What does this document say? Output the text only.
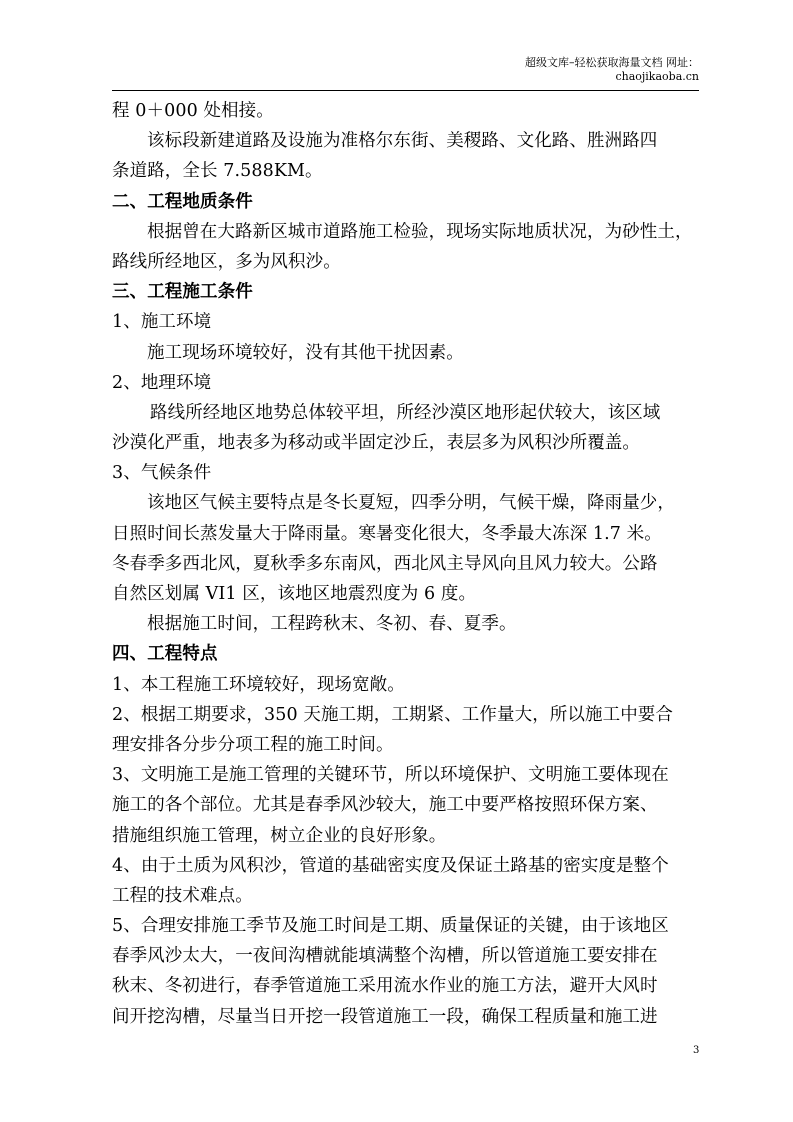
超级文库–轻松获取海量文档 网址：
chaojikaoba.cn
程 0＋000 处相接。
该标段新建道路及设施为准格尔东街、美稷路、文化路、胜洲路四
条道路，全长 7.588KM。
二、工程地质条件
根据曾在大路新区城市道路施工检验，现场实际地质状况，为砂性土，
路线所经地区，多为风积沙。
三、工程施工条件
1、施工环境
施工现场环境较好，没有其他干扰因素。
2、地理环境
路线所经地区地势总体较平坦，所经沙漠区地形起伏较大，该区域
沙漠化严重，地表多为移动或半固定沙丘，表层多为风积沙所覆盖。
3、气候条件
该地区气候主要特点是冬长夏短，四季分明，气候干燥，降雨量少，
日照时间长蒸发量大于降雨量。寒暑变化很大，冬季最大冻深 1.7 米。
冬春季多西北风，夏秋季多东南风，西北风主导风向且风力较大。公路
自然区划属 VI1 区，该地区地震烈度为 6 度。
根据施工时间，工程跨秋末、冬初、春、夏季。
四、工程特点
1、本工程施工环境较好，现场宽敞。
2、根据工期要求，350 天施工期，工期紧、工作量大，所以施工中要合
理安排各分步分项工程的施工时间。
3、文明施工是施工管理的关键环节，所以环境保护、文明施工要体现在
施工的各个部位。尤其是春季风沙较大，施工中要严格按照环保方案、
措施组织施工管理，树立企业的良好形象。
4、由于土质为风积沙，管道的基础密实度及保证土路基的密实度是整个
工程的技术难点。
5、合理安排施工季节及施工时间是工期、质量保证的关键，由于该地区
春季风沙太大，一夜间沟槽就能填满整个沟槽，所以管道施工要安排在
秋末、冬初进行，春季管道施工采用流水作业的施工方法，避开大风时
间开挖沟槽，尽量当日开挖一段管道施工一段，确保工程质量和施工进
3
